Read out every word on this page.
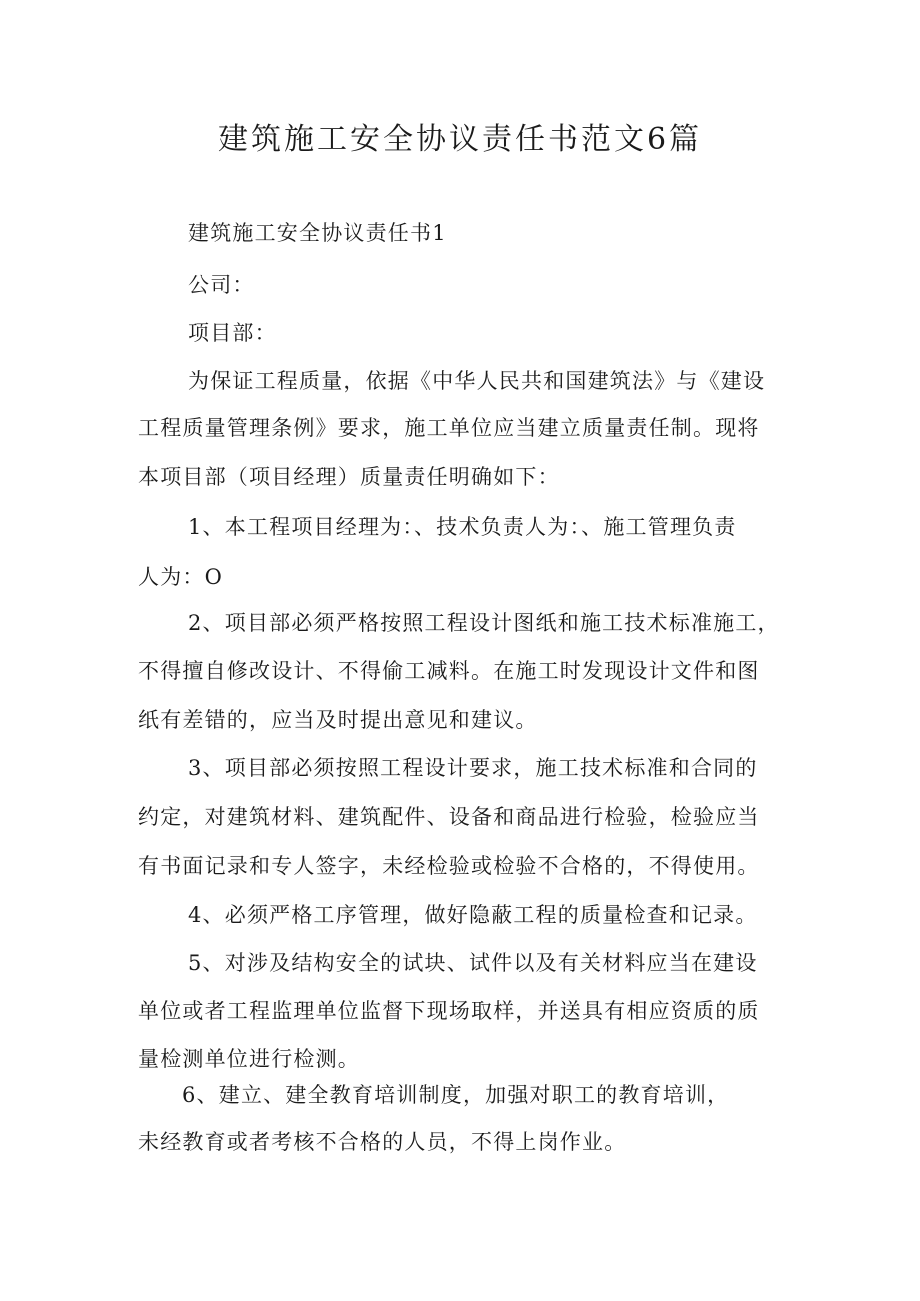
建筑施工安全协议责任书范文6篇
建筑施工安全协议责任书1
公司：
项目部：
为保证工程质量，依据《中华人民共和国建筑法》与《建设
工程质量管理条例》要求，施工单位应当建立质量责任制。现将
本项目部（项目经理）质量责任明确如下：
1、本工程项目经理为：、技术负责人为：、施工管理负责
人为：O
2、项目部必须严格按照工程设计图纸和施工技术标准施工，
不得擅自修改设计、不得偷工减料。在施工时发现设计文件和图
纸有差错的，应当及时提出意见和建议。
3、项目部必须按照工程设计要求，施工技术标准和合同的
约定，对建筑材料、建筑配件、设备和商品进行检验，检验应当
有书面记录和专人签字，未经检验或检验不合格的，不得使用。
4、必须严格工序管理，做好隐蔽工程的质量检查和记录。
5、对涉及结构安全的试块、试件以及有关材料应当在建设
单位或者工程监理单位监督下现场取样，并送具有相应资质的质
量检测单位进行检测。
6、建立、建全教育培训制度，加强对职工的教育培训，
未经教育或者考核不合格的人员，不得上岗作业。
